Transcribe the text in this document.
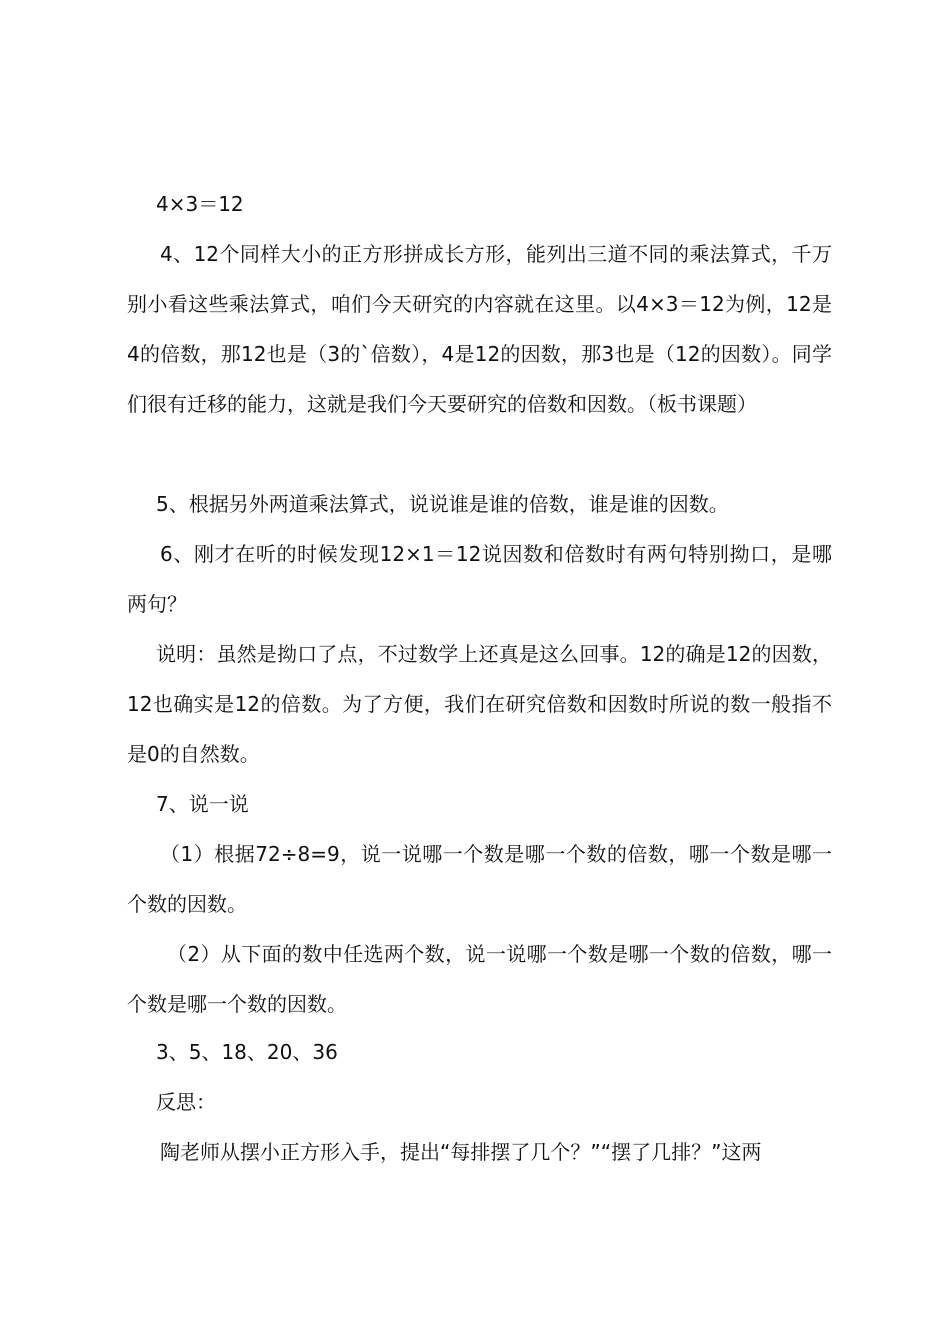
4×3＝12

4、12个同样大小的正方形拼成长方形，能列出三道不同的乘法算式，千万别小看这些乘法算式，咱们今天研究的内容就在这里。以4×3＝12为例，12是4的倍数，那12也是（3的`倍数），4是12的因数，那3也是（12的因数）。同学们很有迁移的能力，这就是我们今天要研究的倍数和因数。（板书课题）

5、根据另外两道乘法算式，说说谁是谁的倍数，谁是谁的因数。

6、刚才在听的时候发现12×1＝12说因数和倍数时有两句特别拗口，是哪两句？

说明：虽然是拗口了点，不过数学上还真是这么回事。12的确是12的因数，12也确实是12的倍数。为了方便，我们在研究倍数和因数时所说的数一般指不是0的自然数。

7、说一说

（1）根据72÷8=9，说一说哪一个数是哪一个数的倍数，哪一个数是哪一个数的因数。

（2）从下面的数中任选两个数，说一说哪一个数是哪一个数的倍数，哪一个数是哪一个数的因数。

3、5、18、20、36

反思：

陶老师从摆小正方形入手，提出“每排摆了几个？”“摆了几排？”这两
